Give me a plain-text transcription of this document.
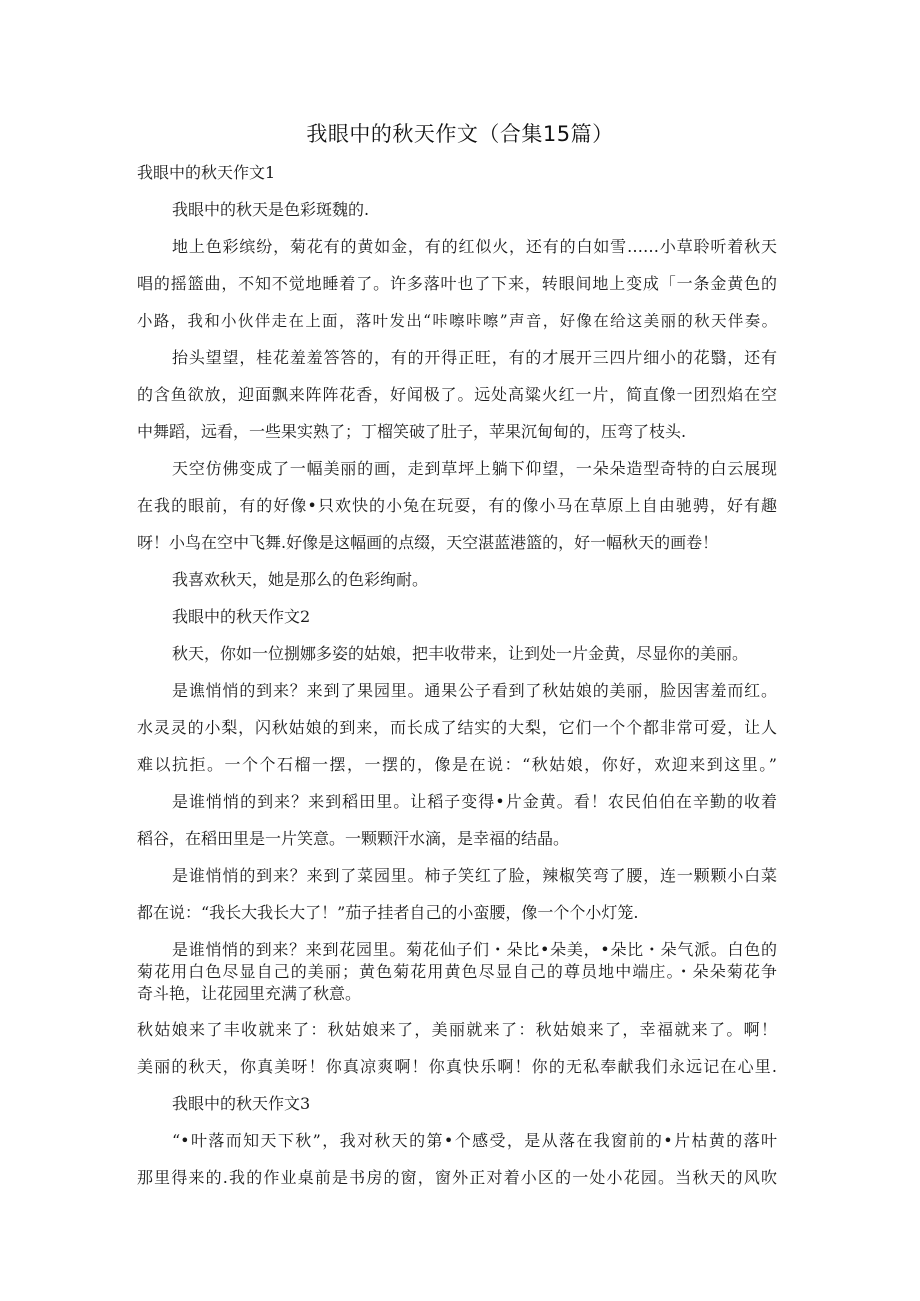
我眼中的秋天作文（合集15篇）
我眼中的秋天作文1
我眼中的秋天是色彩斑魏的.
地上色彩缤纷，菊花有的黄如金，有的红似火，还有的白如雪……小草聆听着秋天
唱的摇篮曲，不知不觉地睡着了。许多落叶也了下来，转眼间地上变成「一条金黄色的
小路，我和小伙伴走在上面，落叶发出“咔嚓咔嚓”声音，好像在给这美丽的秋天伴奏。
抬头望望，桂花羞羞答答的，有的开得正旺，有的才展开三四片细小的花翳，还有
的含鱼欲放，迎面飘来阵阵花香，好闻极了。远处高粱火红一片，简直像一团烈焰在空
中舞蹈，远看，一些果实熟了；丁榴笑破了肚子，苹果沉甸甸的，压弯了枝头.
天空仿佛变成了一幅美丽的画，走到草坪上躺下仰望，一朵朵造型奇特的白云展现
在我的眼前，有的好像•只欢快的小兔在玩耍，有的像小马在草原上自由驰骋，好有趣
呀！小鸟在空中飞舞.好像是这幅画的点缀，天空湛蓝港篮的，好一幅秋天的画卷！
我喜欢秋天，她是那么的色彩绚耐。
我眼中的秋天作文2
秋天，你如一位捌娜多姿的姑娘，把丰收带来，让到处一片金黄，尽显你的美丽。
是谯悄悄的到来？来到了果园里。通果公子看到了秋姑娘的美丽，脸因害羞而红。
水灵灵的小梨，闪秋姑娘的到来，而长成了结实的大梨，它们一个个都非常可爱，让人
难以抗拒。一个个石榴一摆，一摆的，像是在说：“秋姑娘，你好，欢迎来到这里。”
是谁悄悄的到来？来到稻田里。让稻子变得•片金黄。看！农民伯伯在辛勤的收着
稻谷，在稻田里是一片笑意。一颗颗汗水滴，是幸福的结晶。
是谁悄悄的到来？来到了菜园里。柿子笑红了脸，辣椒笑弯了腰，连一颗颗小白菜
都在说：“我长大我长大了！”茄子挂者自己的小蛮腰，像一个个小灯笼.
是谁悄悄的到来？来到花园里。菊花仙子们・朵比•朵美，•朵比・朵气派。白色的
菊花用白色尽显自己的美丽；黄色菊花用黄色尽显自己的尊员地中端庄。・朵朵菊花争
奇斗艳，让花园里充满了秋意。
秋姑娘来了丰收就来了：秋姑娘来了，美丽就来了：秋姑娘来了，幸福就来了。啊！
美丽的秋天，你真美呀！你真凉爽啊！你真快乐啊！你的无私奉献我们永远记在心里.
我眼中的秋天作文3
“•叶落而知天下秋”，我对秋天的第•个感受，是从落在我窗前的•片枯黄的落叶
那里得来的.我的作业桌前是书房的窗，窗外正对着小区的一处小花园。当秋天的风吹
